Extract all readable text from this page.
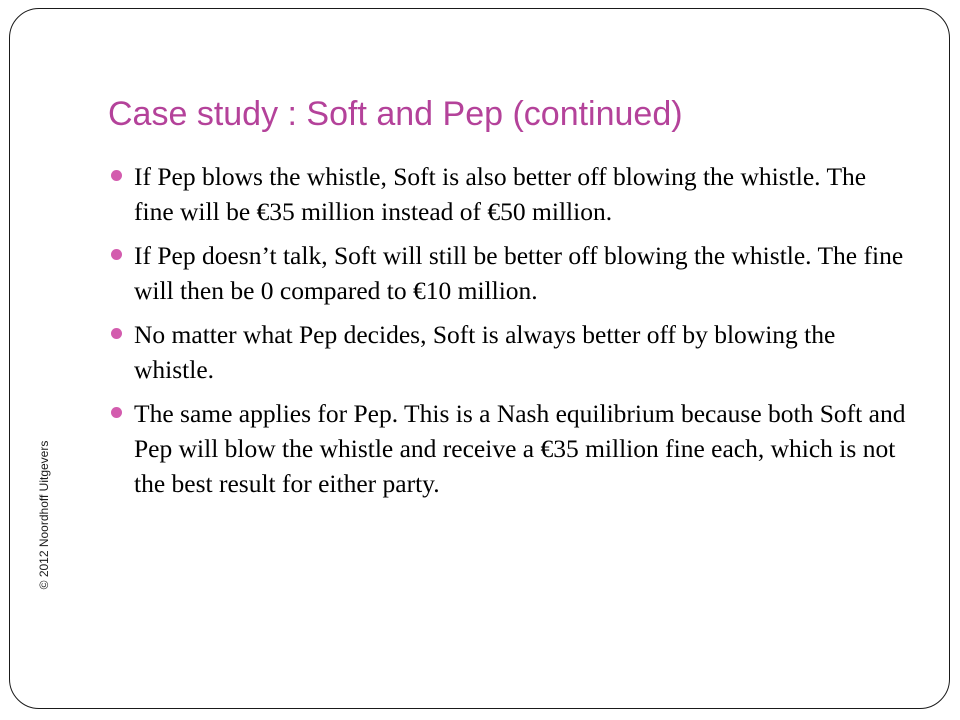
Case study : Soft and Pep (continued)
If Pep blows the whistle, Soft is also better off blowing the whistle. The fine will be €35 million instead of €50 million.
If Pep doesn’t talk, Soft will still be better off blowing the whistle. The fine will then be 0 compared to €10 million.
No matter what Pep decides, Soft is always better off by blowing the whistle.
The same applies for Pep. This is a Nash equilibrium because both Soft and Pep will blow the whistle and receive a €35 million fine each, which is not the best result for either party.
© 2012 Noordhoff Uitgevers
